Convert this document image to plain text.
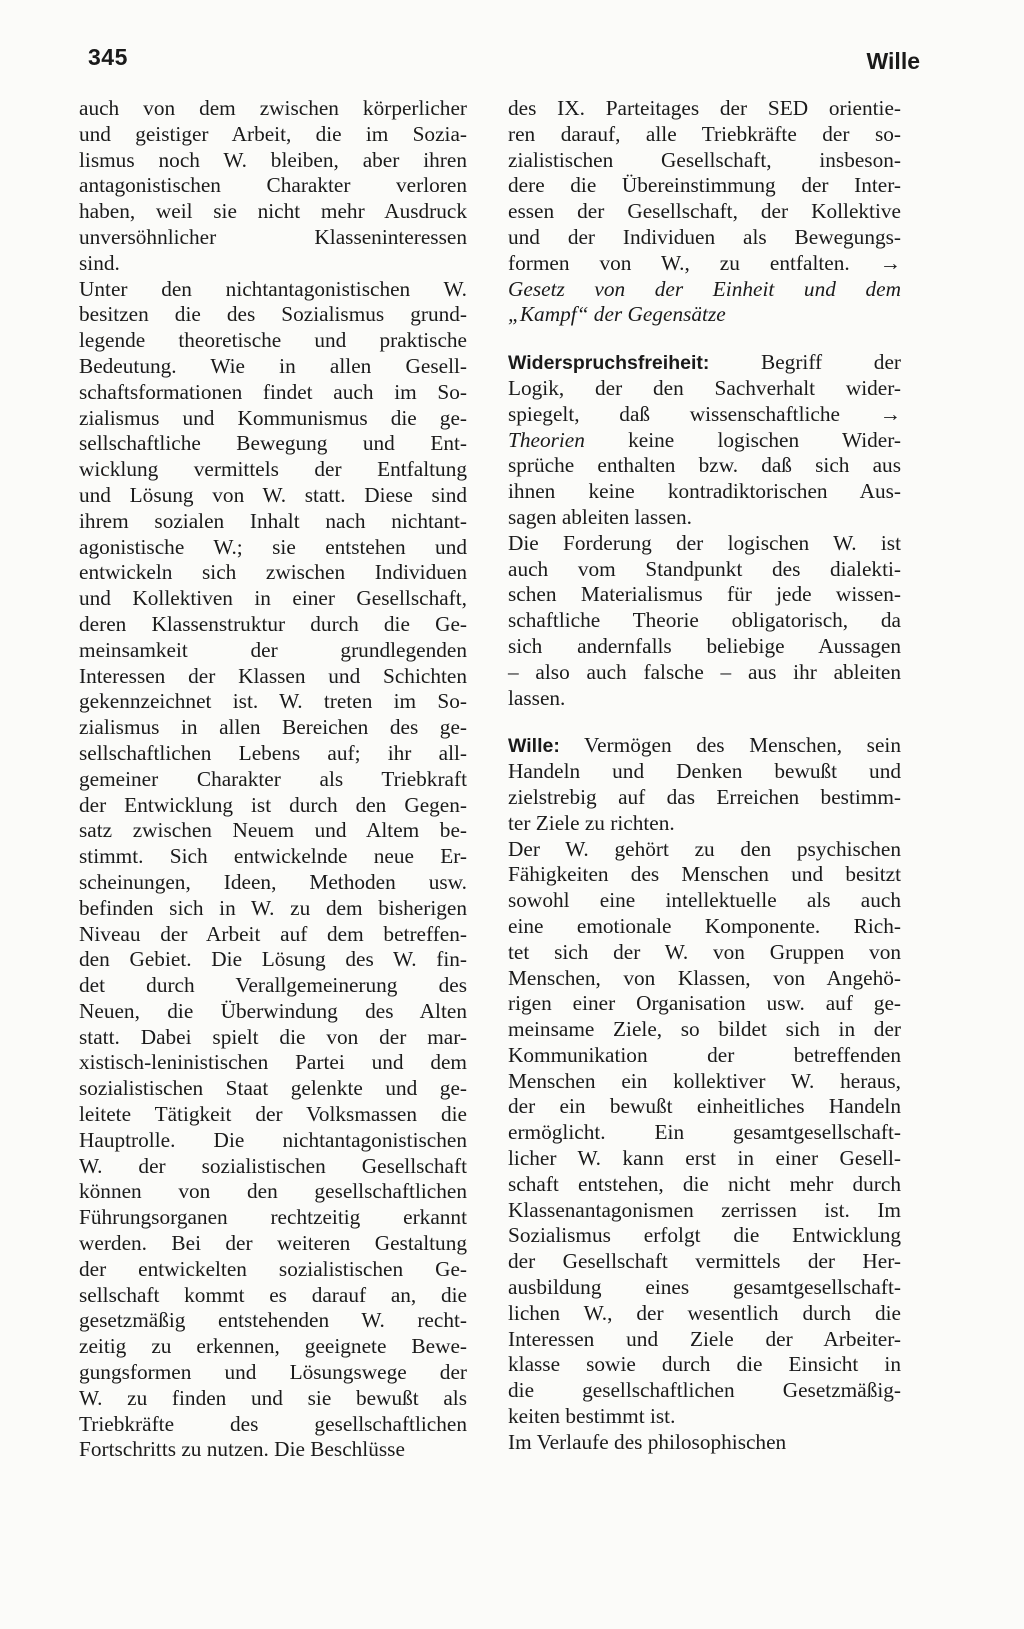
345	Wille
auch von dem zwischen körperlicher
und geistiger Arbeit, die im Sozia-
lismus noch W. bleiben, aber ihren
antagonistischen Charakter verloren
haben, weil sie nicht mehr Ausdruck
unversöhnlicher Klasseninteressen
sind.
Unter den nichtantagonistischen W.
besitzen die des Sozialismus grund-
legende theoretische und praktische
Bedeutung. Wie in allen Gesell-
schaftsformationen findet auch im So-
zialismus und Kommunismus die ge-
sellschaftliche Bewegung und Ent-
wicklung vermittels der Entfaltung
und Lösung von W. statt. Diese sind
ihrem sozialen Inhalt nach nichtant-
agonistische W.; sie entstehen und
entwickeln sich zwischen Individuen
und Kollektiven in einer Gesellschaft,
deren Klassenstruktur durch die Ge-
meinsamkeit der grundlegenden
Interessen der Klassen und Schichten
gekennzeichnet ist. W. treten im So-
zialismus in allen Bereichen des ge-
sellschaftlichen Lebens auf; ihr all-
gemeiner Charakter als Triebkraft
der Entwicklung ist durch den Gegen-
satz zwischen Neuem und Altem be-
stimmt. Sich entwickelnde neue Er-
scheinungen, Ideen, Methoden usw.
befinden sich in W. zu dem bisherigen
Niveau der Arbeit auf dem betreffen-
den Gebiet. Die Lösung des W. fin-
det durch Verallgemeinerung des
Neuen, die Überwindung des Alten
statt. Dabei spielt die von der mar-
xistisch-leninistischen Partei und dem
sozialistischen Staat gelenkte und ge-
leitete Tätigkeit der Volksmassen die
Hauptrolle. Die nichtantagonistischen
W. der sozialistischen Gesellschaft
können von den gesellschaftlichen
Führungsorganen rechtzeitig erkannt
werden. Bei der weiteren Gestaltung
der entwickelten sozialistischen Ge-
sellschaft kommt es darauf an, die
gesetzmäßig entstehenden W. recht-
zeitig zu erkennen, geeignete Bewe-
gungsformen und Lösungswege der
W. zu finden und sie bewußt als
Triebkräfte des gesellschaftlichen
Fortschritts zu nutzen. Die Beschlüsse
des IX. Parteitages der SED orientie-
ren darauf, alle Triebkräfte der so-
zialistischen Gesellschaft, insbeson-
dere die Übereinstimmung der Inter-
essen der Gesellschaft, der Kollektive
und der Individuen als Bewegungs-
formen von W., zu entfalten. →
Gesetz von der Einheit und dem
„Kampf“ der Gegensätze
Widerspruchsfreiheit: Begriff der
Logik, der den Sachverhalt wider-
spiegelt, daß wissenschaftliche →
Theorien keine logischen Wider-
sprüche enthalten bzw. daß sich aus
ihnen keine kontradiktorischen Aus-
sagen ableiten lassen.
Die Forderung der logischen W. ist
auch vom Standpunkt des dialekti-
schen Materialismus für jede wissen-
schaftliche Theorie obligatorisch, da
sich andernfalls beliebige Aussagen
– also auch falsche – aus ihr ableiten
lassen.
Wille: Vermögen des Menschen, sein
Handeln und Denken bewußt und
zielstrebig auf das Erreichen bestimm-
ter Ziele zu richten.
Der W. gehört zu den psychischen
Fähigkeiten des Menschen und besitzt
sowohl eine intellektuelle als auch
eine emotionale Komponente. Rich-
tet sich der W. von Gruppen von
Menschen, von Klassen, von Angehö-
rigen einer Organisation usw. auf ge-
meinsame Ziele, so bildet sich in der
Kommunikation der betreffenden
Menschen ein kollektiver W. heraus,
der ein bewußt einheitliches Handeln
ermöglicht. Ein gesamtgesellschaft-
licher W. kann erst in einer Gesell-
schaft entstehen, die nicht mehr durch
Klassenantagonismen zerrissen ist. Im
Sozialismus erfolgt die Entwicklung
der Gesellschaft vermittels der Her-
ausbildung eines gesamtgesellschaft-
lichen W., der wesentlich durch die
Interessen und Ziele der Arbeiter-
klasse sowie durch die Einsicht in
die gesellschaftlichen Gesetzmäßig-
keiten bestimmt ist.
Im Verlaufe des philosophischen
